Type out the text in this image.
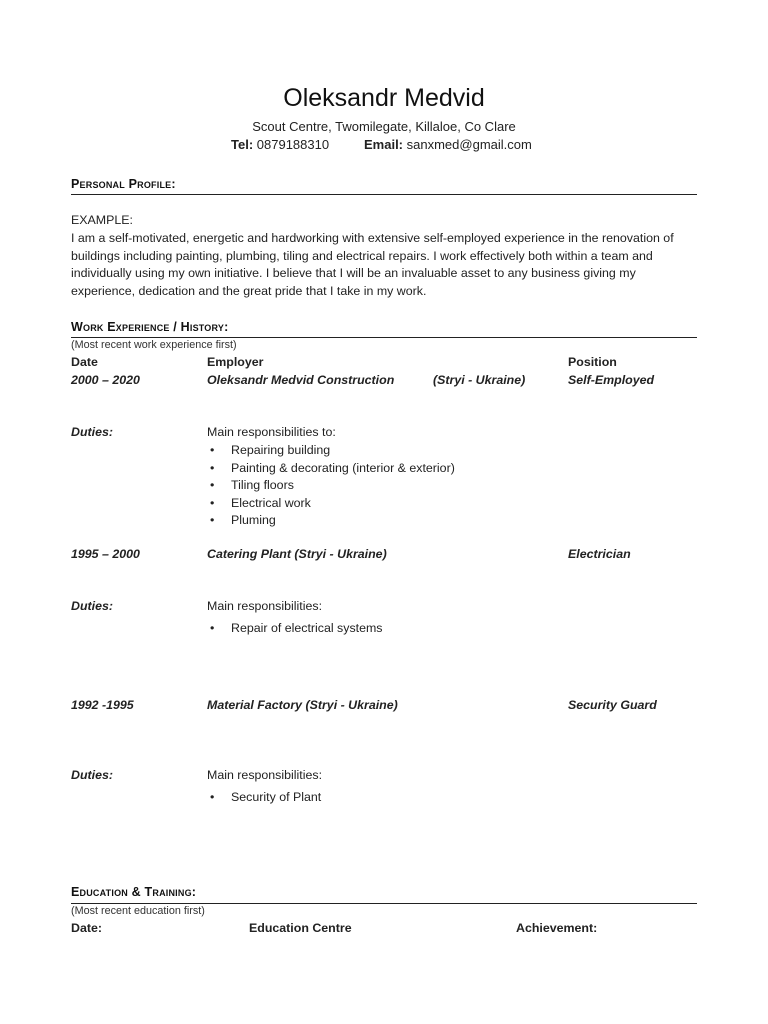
Oleksandr Medvid
Scout Centre, Twomilegate, Killaloe, Co Clare
Tel: 0879188310	Email: sanxmed@gmail.com
Personal Profile:
EXAMPLE:
I am a self-motivated, energetic and hardworking with extensive self-employed experience in the renovation of
buildings including painting, plumbing, tiling and electrical repairs. I work effectively both within a team and
individually using my own initiative. I believe that I will be an invaluable asset to any business giving my
experience, dedication and the great pride that I take in my work.
Work Experience / History:
(Most recent work experience first)
Date	Employer	Position
2000 – 2020	Oleksandr Medvid Construction	(Stryi - Ukraine)	Self-Employed
Duties:	Main responsibilities to:
• Repairing building
• Painting & decorating (interior & exterior)
• Tiling floors
• Electrical work
• Pluming
1995 – 2000	Catering Plant (Stryi - Ukraine)	Electrician
Duties:	Main responsibilities:
• Repair of electrical systems
1992 -1995	Material Factory (Stryi - Ukraine)	Security Guard
Duties:	Main responsibilities:
• Security of Plant
Education & Training:
(Most recent education first)
Date:	Education Centre	Achievement:
